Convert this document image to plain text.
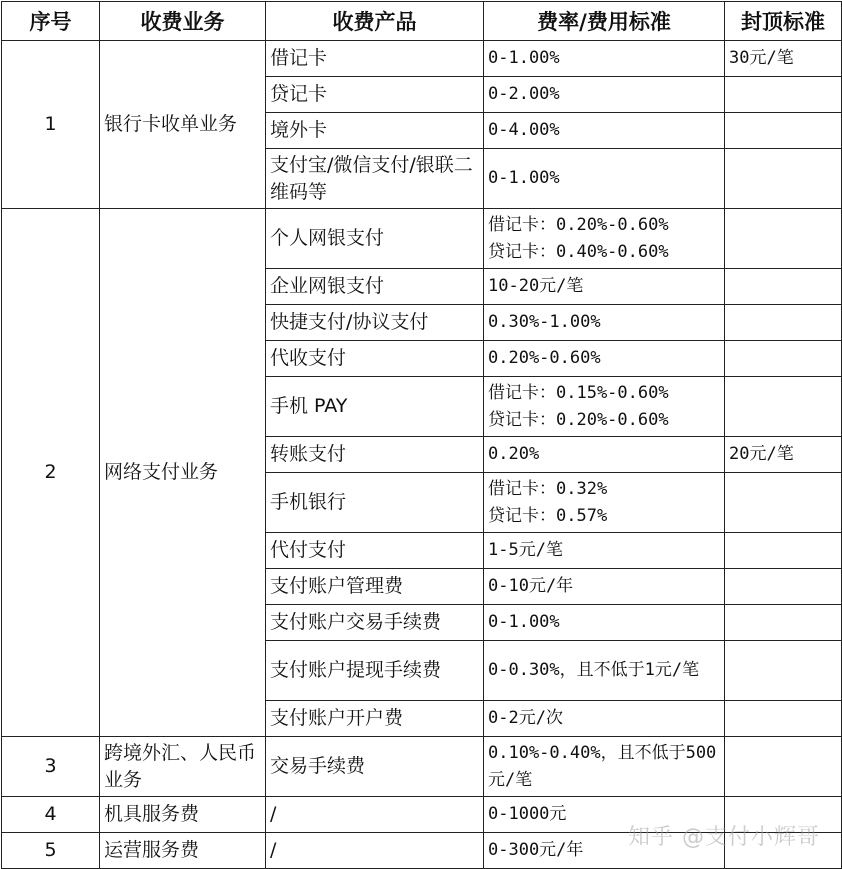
序号	收费业务	收费产品	费率/费用标准	封顶标准
1	银行卡收单业务	借记卡	0-1.00%	30元/笔
		贷记卡	0-2.00%	

		境外卡	0-4.00%	

		支付宝/微信支付/银联二维码等	0-1.00%	

2	网络支付业务	个人网银支付	借记卡：0.20%-0.60%
贷记卡：0.40%-0.60%	

		企业网银支付	10-20元/笔	

		快捷支付/协议支付	0.30%-1.00%	

		代收支付	0.20%-0.60%	

		手机 PAY	借记卡：0.15%-0.60%
贷记卡：0.20%-0.60%	

		转账支付	0.20%	20元/笔
		手机银行	借记卡：0.32%
贷记卡：0.57%	

		代付支付	1-5元/笔	

		支付账户管理费	0-10元/年	

		支付账户交易手续费	0-1.00%	

		支付账户提现手续费	0-0.30%，且不低于1元/笔	

		支付账户开户费	0-2元/次	

3	跨境外汇、人民币业务	交易手续费	0.10%-0.40%，且不低于500元/笔	

4	机具服务费	/	0-1000元	

5	运营服务费	/	0-300元/年	
		知乎 @支付小辉哥
